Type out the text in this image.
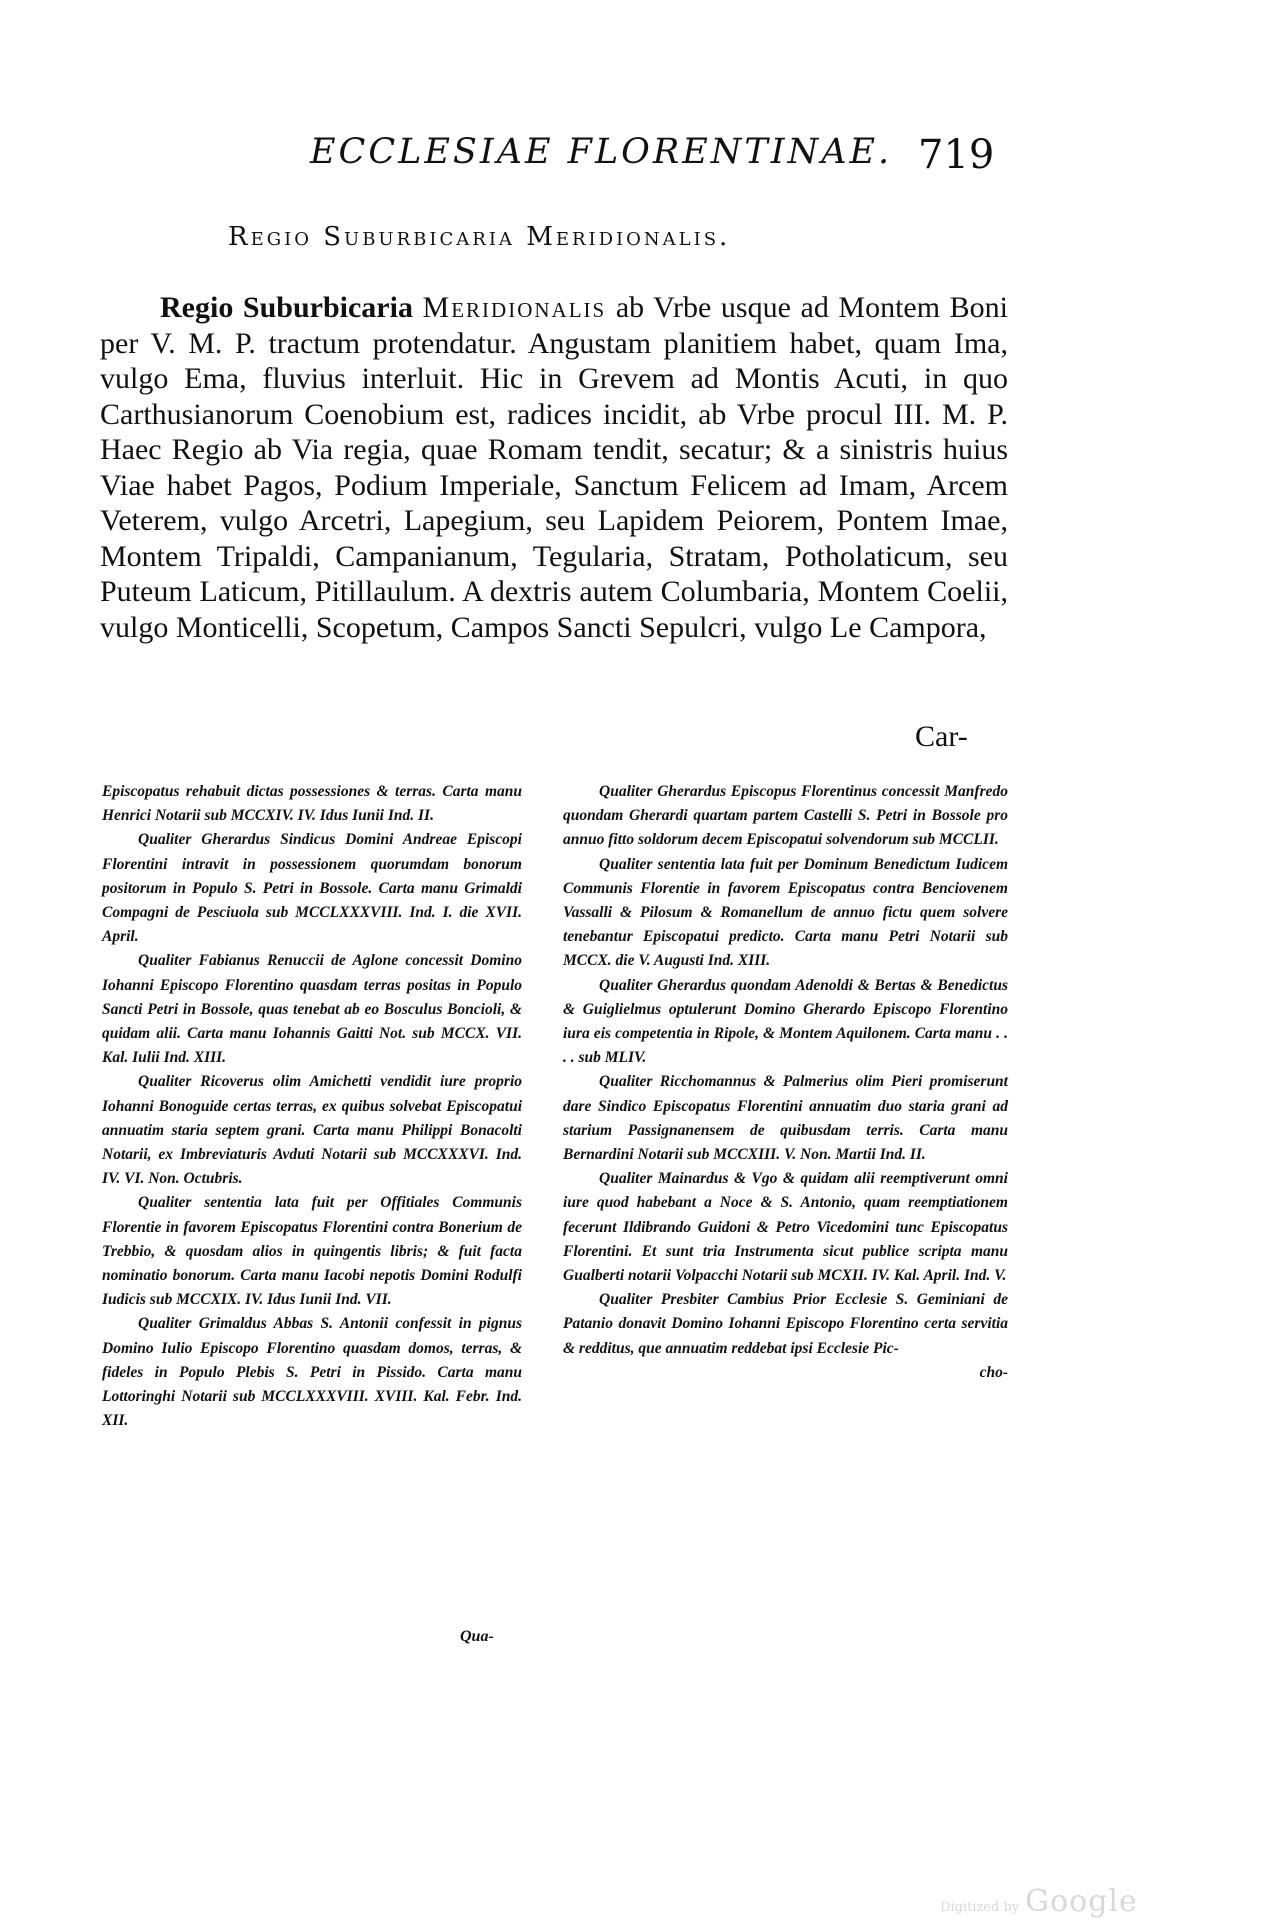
ECCLESIAE FLORENTINAE. 719
Regio Suburbicaria Meridionalis.
Regio Suburbicaria Meridionalis ab Vrbe usque ad Montem Boni per V. M. P. tractum protendatur. Angustam planitiem habet, quam Ima, vulgo Ema, fluvius interluit. Hic in Grevem ad Montis Acuti, in quo Carthusianorum Coenobium est, radices incidit, ab Vrbe procul III. M. P. Haec Regio ab Via regia, quae Romam tendit, secatur; & a sinistris huius Viae habet Pagos, Podium Imperiale, Sanctum Felicem ad Imam, Arcem Veterem, vulgo Arcetri, Lapegium, seu Lapidem Peiorem, Pontem Imae, Montem Tripaldi, Campanianum, Tegularia, Stratam, Potholaticum, seu Puteum Laticum, Pitillaulum. A dextris autem Columbaria, Montem Coelii, vulgo Monticelli, Scopetum, Campos Sancti Sepulcri, vulgo Le Campora,
Car-

Episcopatus rehabuit dictas possessiones & terras. Carta manu Henrici Notarii sub MCCXIV. IV. Idus Iunii Ind. II.

Qualiter Gherardus Sindicus Domini Andreae Episcopi Florentini intravit in possessionem quorumdam bonorum positorum in Populo S. Petri in Bossole. Carta manu Grimaldi Compagni de Pesciuola sub MCCLXXXVIII. Ind. I. die XVII. April.

Qualiter Fabianus Renuccii de Aglone concessit Domino Iohanni Episcopo Florentino quasdam terras positas in Populo Sancti Petri in Bossole, quas tenebat ab eo Bosculus Boncioli, & quidam alii. Carta manu Iohannis Gaitti Not. sub MCCX. VII. Kal. Iulii Ind. XIII.

Qualiter Ricoverus olim Amichetti vendidit iure proprio Iohanni Bonoguide certas terras, ex quibus solvebat Episcopatui annuatim staria septem grani. Carta manu Philippi Bonacolti Notarii, ex Imbreviaturis Avduti Notarii sub MCCXXXVI. Ind. IV. VI. Non. Octubris.

Qualiter sententia lata fuit per Offitiales Communis Florentie in favorem Episcopatus Florentini contra Bonerium de Trebbio, & quosdam alios in quingentis libris; & fuit facta nominatio bonorum. Carta manu Iacobi nepotis Domini Rodulfi Iudicis sub MCCXIX. IV. Idus Iunii Ind. VII.

Qualiter Grimaldus Abbas S. Antonii confessit in pignus Domino Iulio Episcopo Florentino quasdam domos, terras, & fideles in Populo Plebis S. Petri in Pissido. Carta manu Lottoringhi Notarii sub MCCLXXXVIII. XVIII. Kal. Febr. Ind. XII.

Qua-

Qualiter Gherardus Episcopus Florentinus concessit Manfredo quondam Gherardi quartam partem Castelli S. Petri in Bossole pro annuo fitto soldorum decem Episcopatui solvendorum sub MCCLII.

Qualiter sententia lata fuit per Dominum Benedictum Iudicem Communis Florentie in favorem Episcopatus contra Benciovenem Vassalli & Pilosum & Romanellum de annuo fictu quem solvere tenebantur Episcopatui predicto. Carta manu Petri Notarii sub MCCX. die V. Augusti Ind. XIII.

Qualiter Gherardus quondam Adenoldi & Bertas & Benedictus & Guiglielmus optulerunt Domino Gherardo Episcopo Florentino iura eis competentia in Ripole, & Montem Aquilonem. Carta manu . . . . sub MLIV.

Qualiter Ricchomannus & Palmerius olim Pieri promiserunt dare Sindico Episcopatus Florentini annuatim duo staria grani ad starium Passignanensem de quibusdam terris. Carta manu Bernardini Notarii sub MCCXIII. V. Non. Martii Ind. II.

Qualiter Mainardus & Vgo & quidam alii reemptiverunt omni iure quod habebant a Noce & S. Antonio, quam reemptiationem fecerunt Ildibrando Guidoni & Petro Vicedomini tunc Episcopatus Florentini. Et sunt tria Instrumenta sicut publice scripta manu Gualberti notarii Volpacchi Notarii sub MCXII. IV. Kal. April. Ind. V.

Qualiter Presbiter Cambius Prior Ecclesie S. Geminiani de Patanio donavit Domino Iohanni Episcopo Florentino certa servitia & redditus, que annuatim reddebat ipsi Ecclesie Pic-

cho-

Digitized by Google
